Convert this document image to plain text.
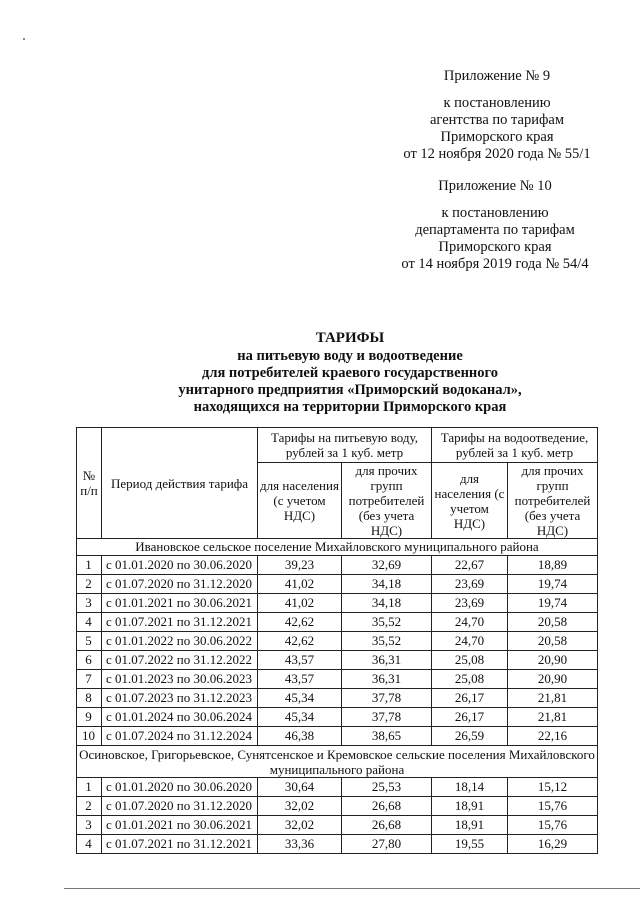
Приложение № 9
к постановлению
агентства по тарифам
Приморского края
от 12 ноября 2020 года № 55/1
Приложение № 10
к постановлению
департамента по тарифам
Приморского края
от 14 ноября 2019 года № 54/4
ТАРИФЫ
на питьевую воду и водоотведение
для потребителей краевого государственного
унитарного предприятия «Приморский водоканал»,
находящихся на территории Приморского края
№ п/п	Период действия тарифа	Тарифы на питьевую воду, рублей за 1 куб. метр		Тарифы на водоотведение, рублей за 1 куб. метр	
		для населения (с учетом НДС)	для прочих групп потребителей (без учета НДС)	для населения (с учетом НДС)	для прочих групп потребителей (без учета НДС)
Ивановское сельское поселение Михайловского муниципального района					
1	с 01.01.2020 по 30.06.2020	39,23	32,69	22,67	18,89
2	с 01.07.2020 по 31.12.2020	41,02	34,18	23,69	19,74
3	с 01.01.2021 по 30.06.2021	41,02	34,18	23,69	19,74
4	с 01.07.2021 по 31.12.2021	42,62	35,52	24,70	20,58
5	с 01.01.2022 по 30.06.2022	42,62	35,52	24,70	20,58
6	с 01.07.2022 по 31.12.2022	43,57	36,31	25,08	20,90
7	с 01.01.2023 по 30.06.2023	43,57	36,31	25,08	20,90
8	с 01.07.2023 по 31.12.2023	45,34	37,78	26,17	21,81
9	с 01.01.2024 по 30.06.2024	45,34	37,78	26,17	21,81
10	с 01.07.2024 по 31.12.2024	46,38	38,65	26,59	22,16
Осиновское, Григорьевское, Сунятсенское и Кремовское сельские поселения Михайловского муниципального района					
1	с 01.01.2020 по 30.06.2020	30,64	25,53	18,14	15,12
2	с 01.07.2020 по 31.12.2020	32,02	26,68	18,91	15,76
3	с 01.01.2021 по 30.06.2021	32,02	26,68	18,91	15,76
4	с 01.07.2021 по 31.12.2021	33,36	27,80	19,55	16,29
